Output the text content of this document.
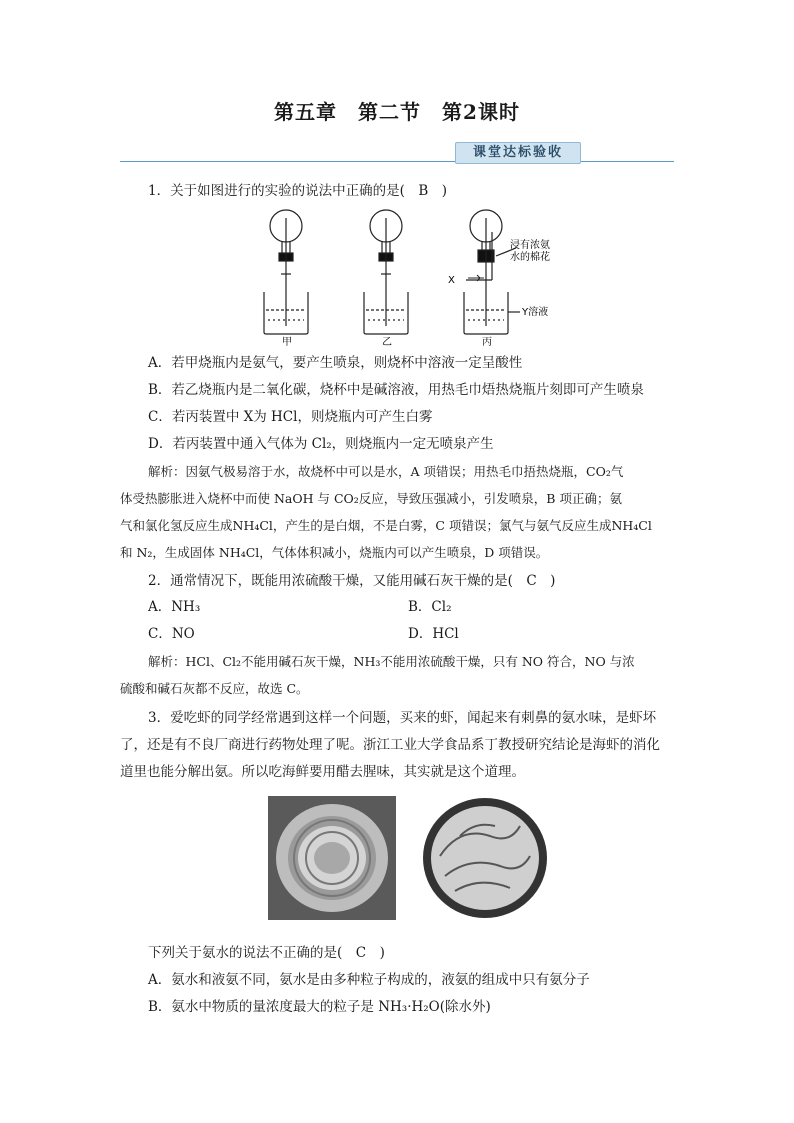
第五章　第二节　第2课时
课堂达标验收
1．关于如图进行的实验的说法中正确的是(　B　)
甲	乙	丙
X
Y溶液
浸有浓氨
水的棉花
A．若甲烧瓶内是氨气，要产生喷泉，则烧杯中溶液一定呈酸性
B．若乙烧瓶内是二氧化碳，烧杯中是碱溶液，用热毛巾焐热烧瓶片刻即可产生喷泉
C．若丙装置中 X为 HCl，则烧瓶内可产生白雾
D．若丙装置中通入气体为 Cl₂，则烧瓶内一定无喷泉产生
解析：因氨气极易溶于水，故烧杯中可以是水，A 项错误；用热毛巾捂热烧瓶，CO₂气
体受热膨胀进入烧杯中而使 NaOH 与 CO₂反应，导致压强减小，引发喷泉，B 项正确；氨
气和氯化氢反应生成NH₄Cl，产生的是白烟，不是白雾，C 项错误；氯气与氨气反应生成NH₄Cl
和 N₂，生成固体 NH₄Cl，气体体积减小，烧瓶内可以产生喷泉，D 项错误。
2．通常情况下，既能用浓硫酸干燥，又能用碱石灰干燥的是(　C　)
A．NH₃	B．Cl₂
C．NO	D．HCl
解析：HCl、Cl₂不能用碱石灰干燥，NH₃不能用浓硫酸干燥，只有 NO 符合，NO 与浓
硫酸和碱石灰都不反应，故选 C。
3．爱吃虾的同学经常遇到这样一个问题，买来的虾，闻起来有刺鼻的氨水味，是虾坏
了，还是有不良厂商进行药物处理了呢。浙江工业大学食品系丁教授研究结论是海虾的消化
道里也能分解出氨。所以吃海鲜要用醋去腥味，其实就是这个道理。
下列关于氨水的说法不正确的是(　C　)
A．氨水和液氨不同，氨水是由多种粒子构成的，液氨的组成中只有氨分子
B．氨水中物质的量浓度最大的粒子是 NH₃·H₂O(除水外)
